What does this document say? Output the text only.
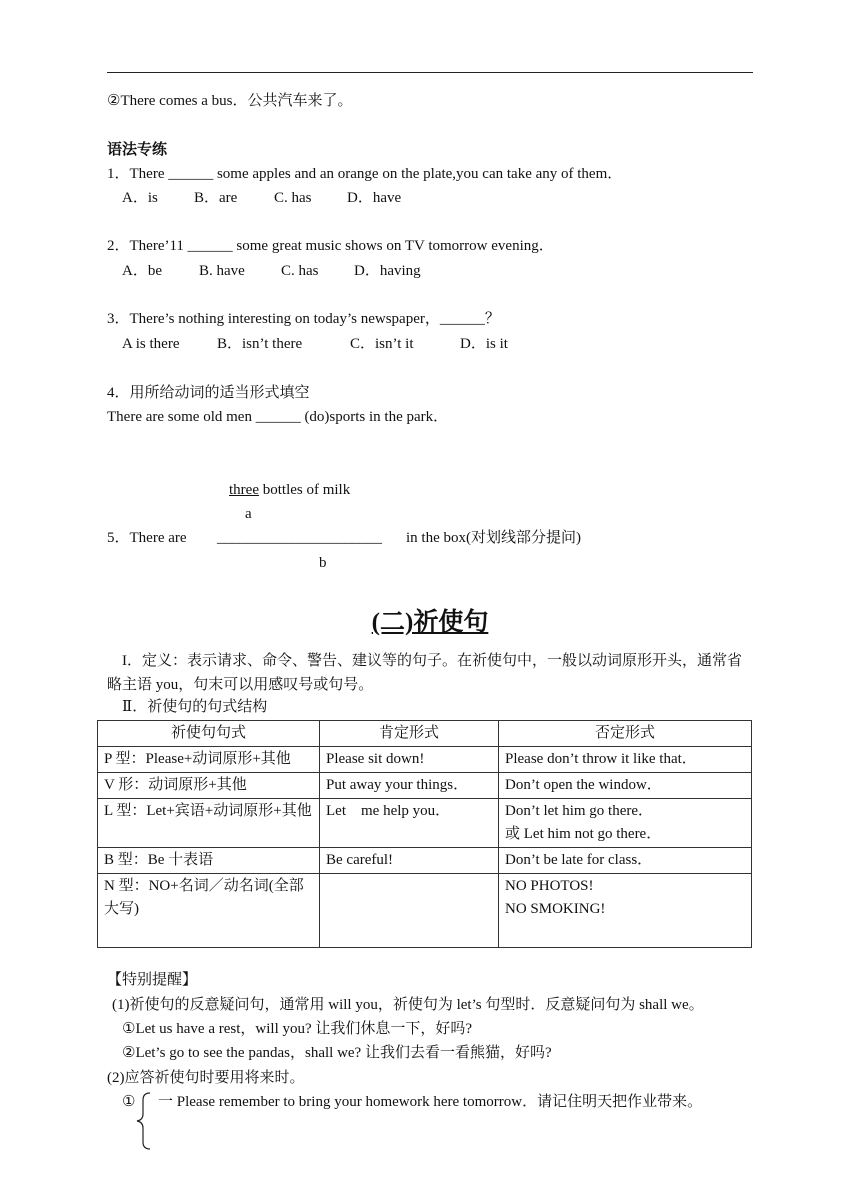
②There comes a bus．公共汽车来了。
语法专练
1．There ______ some apples and an orange on the plate,you can take any of them．
A．is B．are C. has D．have
2．There’11 ______ some great music shows on TV tomorrow evening．
A．be B. have C. has D．having
3．There’s nothing interesting on today’s newspaper，______？
A is there	B．isn’t there	C．isn’t it	D．is it
4．用所给动词的适当形式填空
There are some old men ______ (do)sports in the park．
three bottles of milk
a
5．There are ______________________ in the box(对划线部分提问)
b
(二)祈使句
I．定义：表示请求、命令、警告、建议等的句子。在祈使句中，一般以动词原形开头，通常省略主语 you，句末可以用感叹号或句号。
Ⅱ．祈使句的句式结构
祈使句句式	肯定形式	否定形式
P 型：Please+动词原形+其他	Please sit down!	Please don’t throw it like that．
V 形：动词原形+其他	Put away your things．	Don’t open the window．
L 型：Let+宾语+动词原形+其他	Let    me help you．	Don’t let him go there．
或 Let him not go there．

B 型：Be 十表语	Be careful!	Don’t be late for class．
N 型：NO+名词／动名词(全部大写)		NO PHOTOS!
NO SMOKING!
【特别提醒】
(1)祈使句的反意疑问句，通常用 will you，祈使句为 let’s 句型时．反意疑问句为 shall we。
①Let us have a rest，will you? 让我们休息一下，好吗?
②Let’s go to see the pandas，shall we? 让我们去看一看熊猫，好吗?
(2)应答祈使句时要用将来时。
① 一 Please remember to bring your homework here tomorrow．请记住明天把作业带来。
